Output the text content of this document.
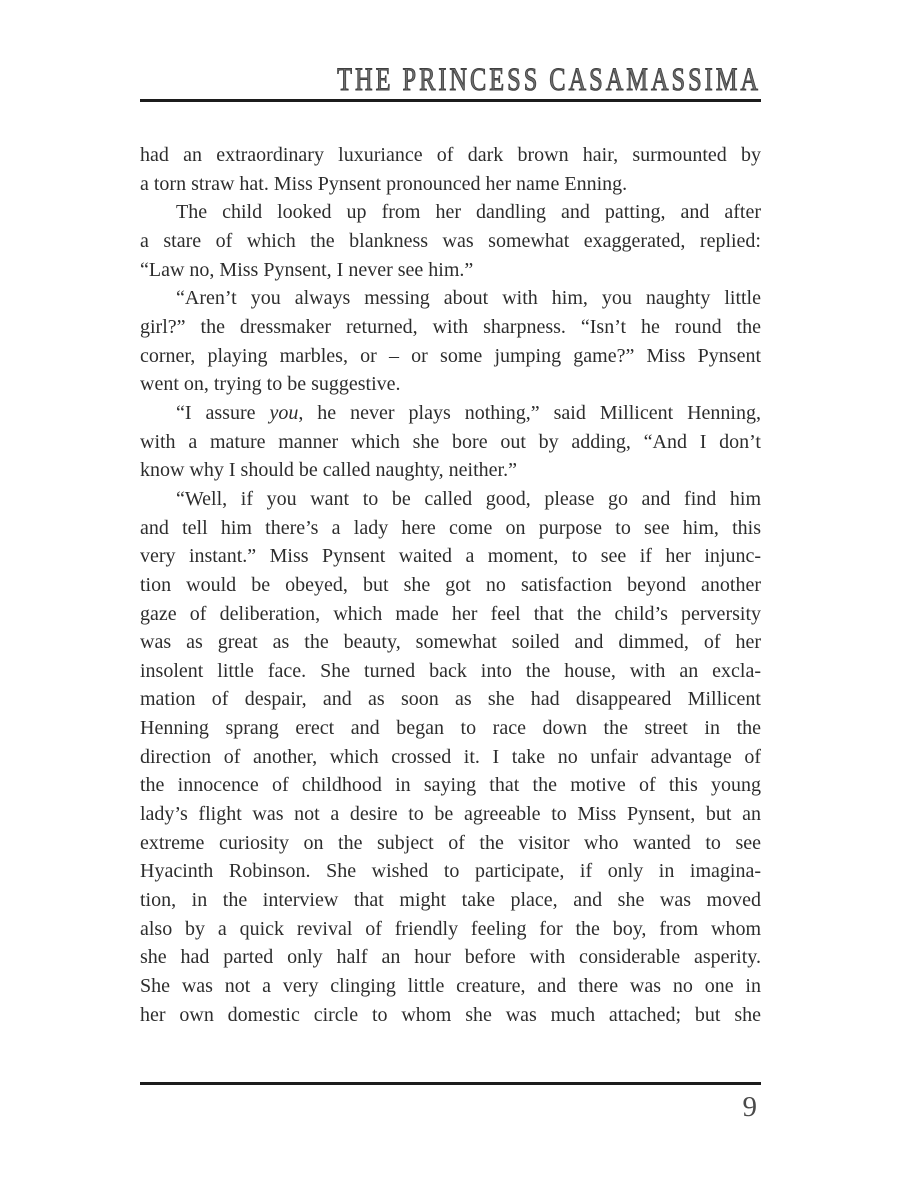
THE PRINCESS CASAMASSIMA
had an extraordinary luxuriance of dark brown hair, surmounted by
a torn straw hat. Miss Pynsent pronounced her name Enning.
The child looked up from her dandling and patting, and after
a stare of which the blankness was somewhat exaggerated, replied:
“Law no, Miss Pynsent, I never see him.”
“Aren’t you always messing about with him, you naughty little
girl?” the dressmaker returned, with sharpness. “Isn’t he round the
corner, playing marbles, or – or some jumping game?” Miss Pynsent
went on, trying to be suggestive.
“I assure you, he never plays nothing,” said Millicent Henning,
with a mature manner which she bore out by adding, “And I don’t
know why I should be called naughty, neither.”
“Well, if you want to be called good, please go and find him
and tell him there’s a lady here come on purpose to see him, this
very instant.” Miss Pynsent waited a moment, to see if her injunc-
tion would be obeyed, but she got no satisfaction beyond another
gaze of deliberation, which made her feel that the child’s perversity
was as great as the beauty, somewhat soiled and dimmed, of her
insolent little face. She turned back into the house, with an excla-
mation of despair, and as soon as she had disappeared Millicent
Henning sprang erect and began to race down the street in the
direction of another, which crossed it. I take no unfair advantage of
the innocence of childhood in saying that the motive of this young
lady’s flight was not a desire to be agreeable to Miss Pynsent, but an
extreme curiosity on the subject of the visitor who wanted to see
Hyacinth Robinson. She wished to participate, if only in imagina-
tion, in the interview that might take place, and she was moved
also by a quick revival of friendly feeling for the boy, from whom
she had parted only half an hour before with considerable asperity.
She was not a very clinging little creature, and there was no one in
her own domestic circle to whom she was much attached; but she
9
